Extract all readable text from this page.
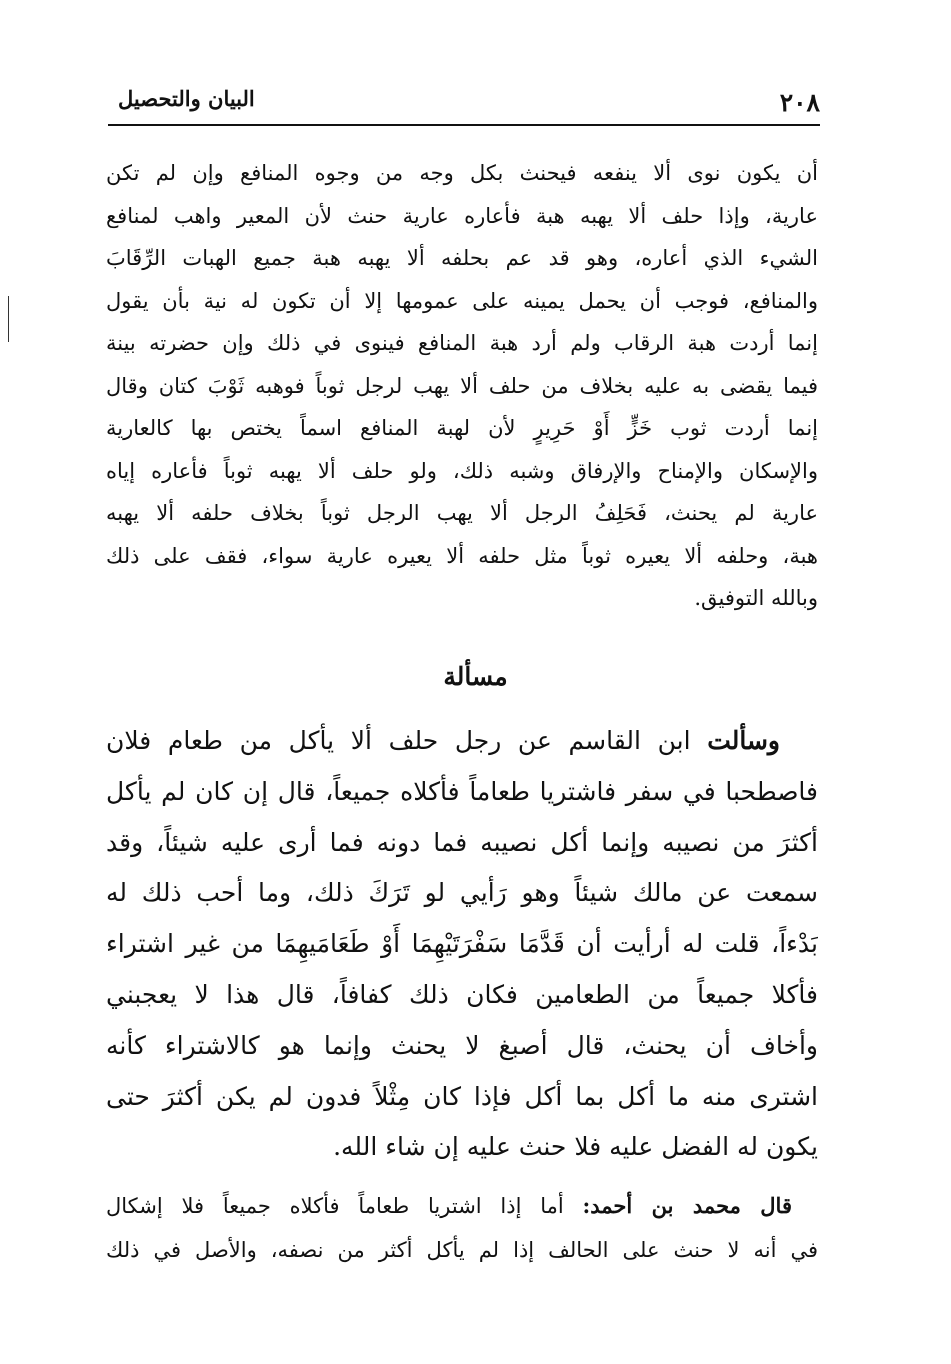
٢٠٨
البيان والتحصيل
أن يكون نوى ألا ينفعه فيحنث بكل وجه من وجوه المنافع وإن لم تكن
عارية، وإذا حلف ألا يهبه هبة فأعاره عارية حنث لأن المعير واهب لمنافع
الشيء الذي أعاره، وهو قد عم بحلفه ألا يهبه هبة جميع الهبات الرِّقَابَ
والمنافع، فوجب أن يحمل يمينه على عمومها إلا أن تكون له نية بأن يقول
إنما أردت هبة الرقاب ولم أرد هبة المنافع فينوى في ذلك وإن حضرته بينة
فيما يقضى به عليه بخلاف من حلف ألا يهب لرجل ثوباً فوهبه ثَوْبَ كتان وقال
إنما أردت ثوب خَزٍّ أَوْ حَرِيرٍ لأن لهبة المنافع اسماً يختص بها كالعارية
والإسكان والإمناح والإرفاق وشبه ذلك، ولو حلف ألا يهبه ثوباً فأعاره إياه
عارية لم يحنث، فَحَلِفُ الرجل ألا يهب الرجل ثوباً بخلاف حلفه ألا يهبه
هبة، وحلفه ألا يعيره ثوباً مثل حلفه ألا يعيره عارية سواء، فقف على ذلك
وبالله التوفيق.
مسألة
وسألت ابن القاسم عن رجل حلف ألا يأكل من طعام فلان
فاصطحبا في سفر فاشتريا طعاماً فأكلاه جميعاً، قال إن كان لم يأكل
أكثرَ من نصيبه وإنما أكل نصيبه فما دونه فما أرى عليه شيئاً، وقد
سمعت عن مالك شيئاً وهو رَأيي لو تَرَكَ ذلك، وما أحب ذلك له
بَدْءاً، قلت له أرأيت أن قَدَّمَا سَفْرَتَيْهِمَا أَوْ طَعَامَيهِمَا من غير اشتراء
فأكلا جميعاً من الطعامين فكان ذلك كفافاً، قال هذا لا يعجبني
وأخاف أن يحنث، قال أصبغ لا يحنث وإنما هو كالاشتراء كأنه
اشترى منه ما أكل بما أكل فإذا كان مِثْلاً فدون لم يكن أكثرَ حتى
يكون له الفضل عليه فلا حنث عليه إن شاء الله.
قال محمد بن أحمد: أما إذا اشتريا طعاماً فأكلاه جميعاً فلا إشكال
في أنه لا حنث على الحالف إذا لم يأكل أكثر من نصفه، والأصل في ذلك
